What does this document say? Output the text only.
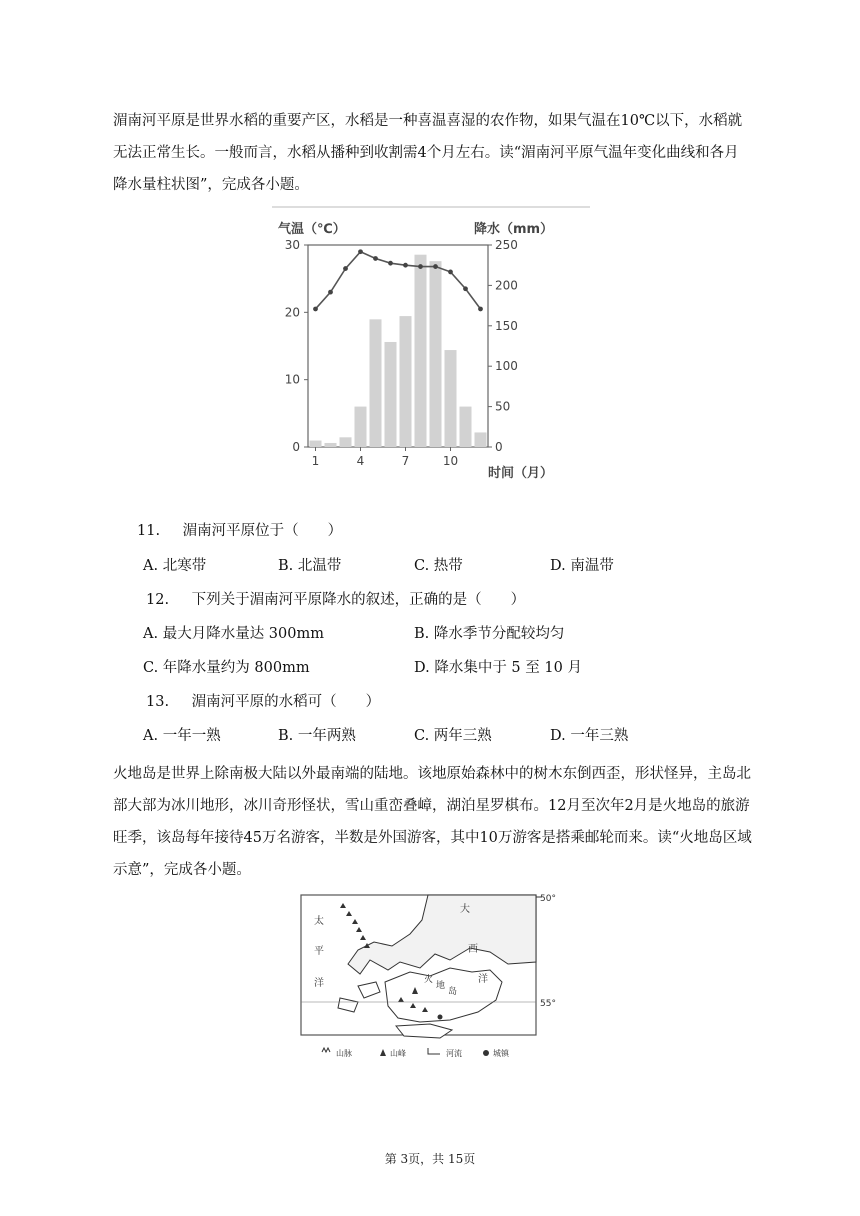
湄南河平原是世界水稻的重要产区，水稻是一种喜温喜湿的农作物，如果气温在10℃以下，水稻就无法正常生长。一般而言，水稻从播种到收割需4个月左右。读“湄南河平原气温年变化曲线和各月降水量柱状图”，完成各小题。
气温（℃）	降水（mm）
时间（月）
0
10
20
30
0
50
100
150
200
250
1	4	7	10
11. 湄南河平原位于（　　）
A. 北寒带	B. 北温带	C. 热带	D. 南温带
12. 下列关于湄南河平原降水的叙述，正确的是（　　）
A. 最大月降水量达 300mm	B. 降水季节分配较均匀
C. 年降水量约为 800mm	D. 降水集中于 5 至 10 月
13. 湄南河平原的水稻可（　　）
A. 一年一熟	B. 一年两熟	C. 两年三熟	D. 一年三熟
火地岛是世界上除南极大陆以外最南端的陆地。该地原始森林中的树木东倒西歪，形状怪异，主岛北部大部为冰川地形，冰川奇形怪状，雪山重峦叠嶂，湖泊星罗棋布。12月至次年2月是火地岛的旅游旺季，该岛每年接待45万名游客，半数是外国游客，其中10万游客是搭乘邮轮而来。读“火地岛区域示意”，完成各小题。
50°
55°
太
平
洋
大
西
洋
火
地
岛
山脉	山峰	河流	城镇
第 3页，共 15页
